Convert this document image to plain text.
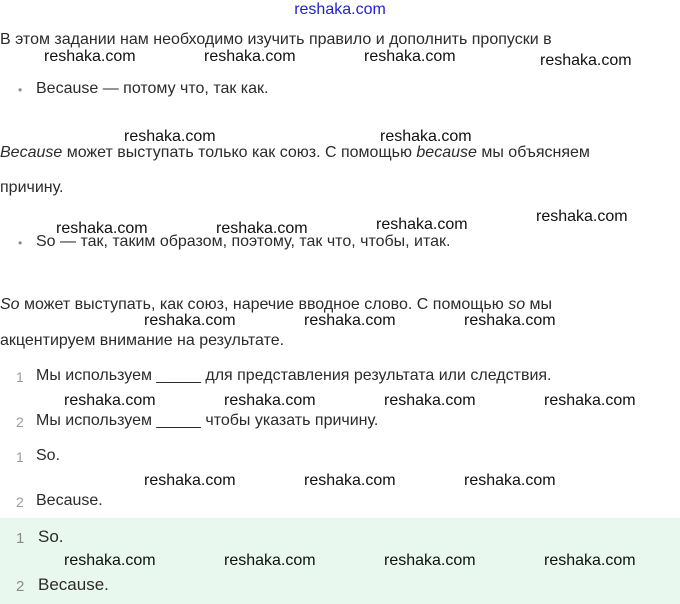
reshaka.com
В этом задании нам необходимо изучить правило и дополнить пропуски в
reshaka.com	reshaka.com	reshaka.com	reshaka.com
• Because — потому что, так как.
reshaka.com	reshaka.com
Because может выступать только как союз. С помощью because мы объясняем
причину.
reshaka.com
reshaka.com	reshaka.com	reshaka.com
• So — так, таким образом, поэтому, так что, чтобы, итак.
So может выступать, как союз, наречие вводное слово. С помощью so мы
reshaka.com	reshaka.com	reshaka.com
акцентируем внимание на результате.
1 Мы используем _____ для представления результата или следствия.
reshaka.com	reshaka.com	reshaka.com	reshaka.com
2 Мы используем _____ чтобы указать причину.
1 So.
reshaka.com	reshaka.com	reshaka.com
2 Because.
1 So.
reshaka.com	reshaka.com	reshaka.com	reshaka.com
2 Because.
